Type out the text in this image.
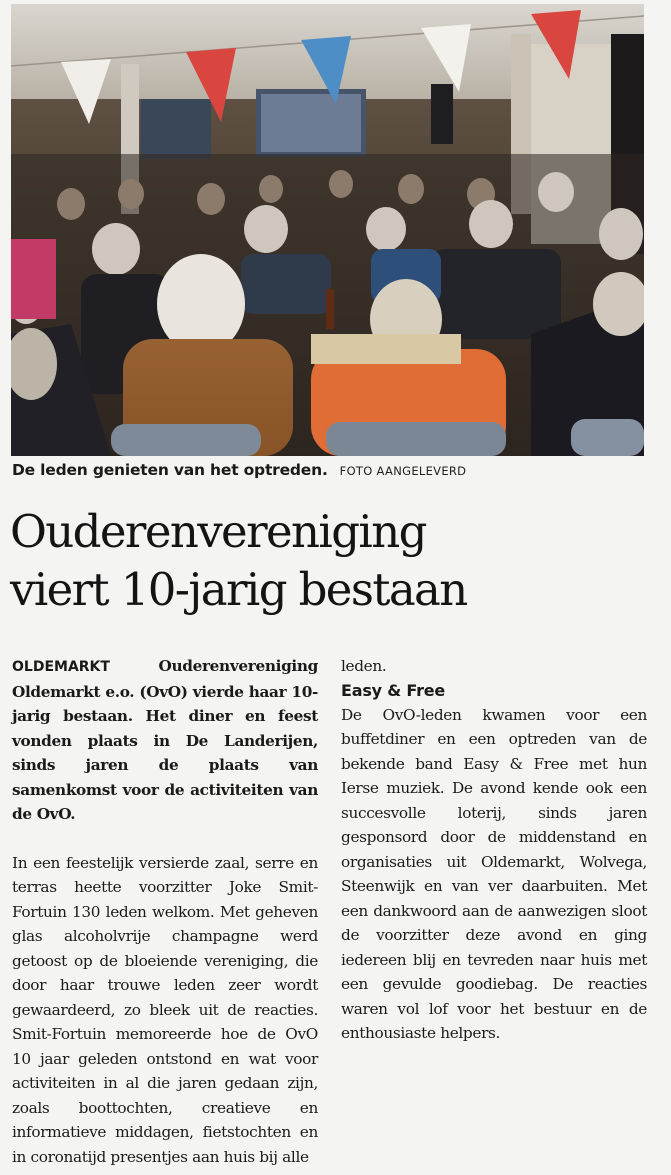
De leden genieten van het optreden. FOTO AANGELEVERD
Ouderenvereniging
viert 10-jarig bestaan

OLDEMARKT	Ouderenvereniging Oldemarkt e.o. (OvO) vierde haar 10-jarig bestaan. Het diner en feest vonden plaats in De Landerijen, sinds jaren de plaats van samenkomst voor de activiteiten van de OvO.

In een feestelijk versierde zaal, serre en terras heette voorzitter Joke Smit-Fortuin 130 leden welkom. Met geheven glas alcoholvrije champagne werd getoost op de bloeiende vereniging, die door haar trouwe leden zeer wordt gewaardeerd, zo bleek uit de reacties. Smit-Fortuin memoreerde hoe de OvO 10 jaar geleden ontstond en wat voor activiteiten in al die jaren gedaan zijn, zoals boottochten, creatieve en informatieve middagen, fietstochten en in coronatijd presentjes aan huis bij alle

leden.

Easy & Free

De OvO-leden kwamen voor een buffetdiner en een optreden van de bekende band Easy & Free met hun Ierse muziek. De avond kende ook een succesvolle loterij, sinds jaren gesponsord door de middenstand en organisaties uit Oldemarkt, Wolvega, Steenwijk en van ver daarbuiten. Met een dankwoord aan de aanwezigen sloot de voorzitter deze avond en ging iedereen blij en tevreden naar huis met een gevulde goodiebag. De reacties waren vol lof voor het bestuur en de enthousiaste helpers.
